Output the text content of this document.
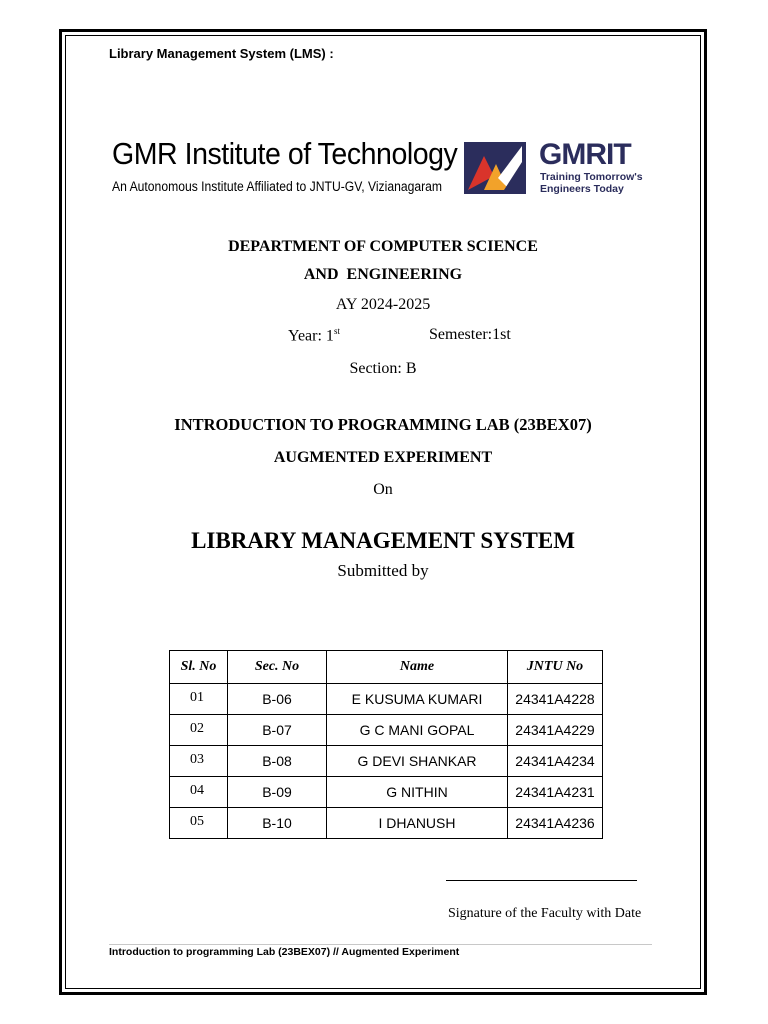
Library Management System (LMS) :
GMR Institute of Technology
An Autonomous Institute Affiliated to JNTU-GV, Vizianagaram
GMRIT
Training Tomorrow's
Engineers Today
DEPARTMENT OF COMPUTER SCIENCE
AND  ENGINEERING
AY 2024-2025
Year: 1st	Semester:1st
Section: B
INTRODUCTION TO PROGRAMMING LAB (23BEX07)
AUGMENTED EXPERIMENT
On
LIBRARY MANAGEMENT SYSTEM
Submitted by
Sl. No	Sec. No	Name	JNTU No
01	B-06	E KUSUMA KUMARI	24341A4228
02	B-07	G C MANI GOPAL	24341A4229
03	B-08	G DEVI SHANKAR	24341A4234
04	B-09	G NITHIN	24341A4231
05	B-10	I DHANUSH	24341A4236
Signature of the Faculty with Date
Introduction to programming Lab (23BEX07) // Augmented Experiment
